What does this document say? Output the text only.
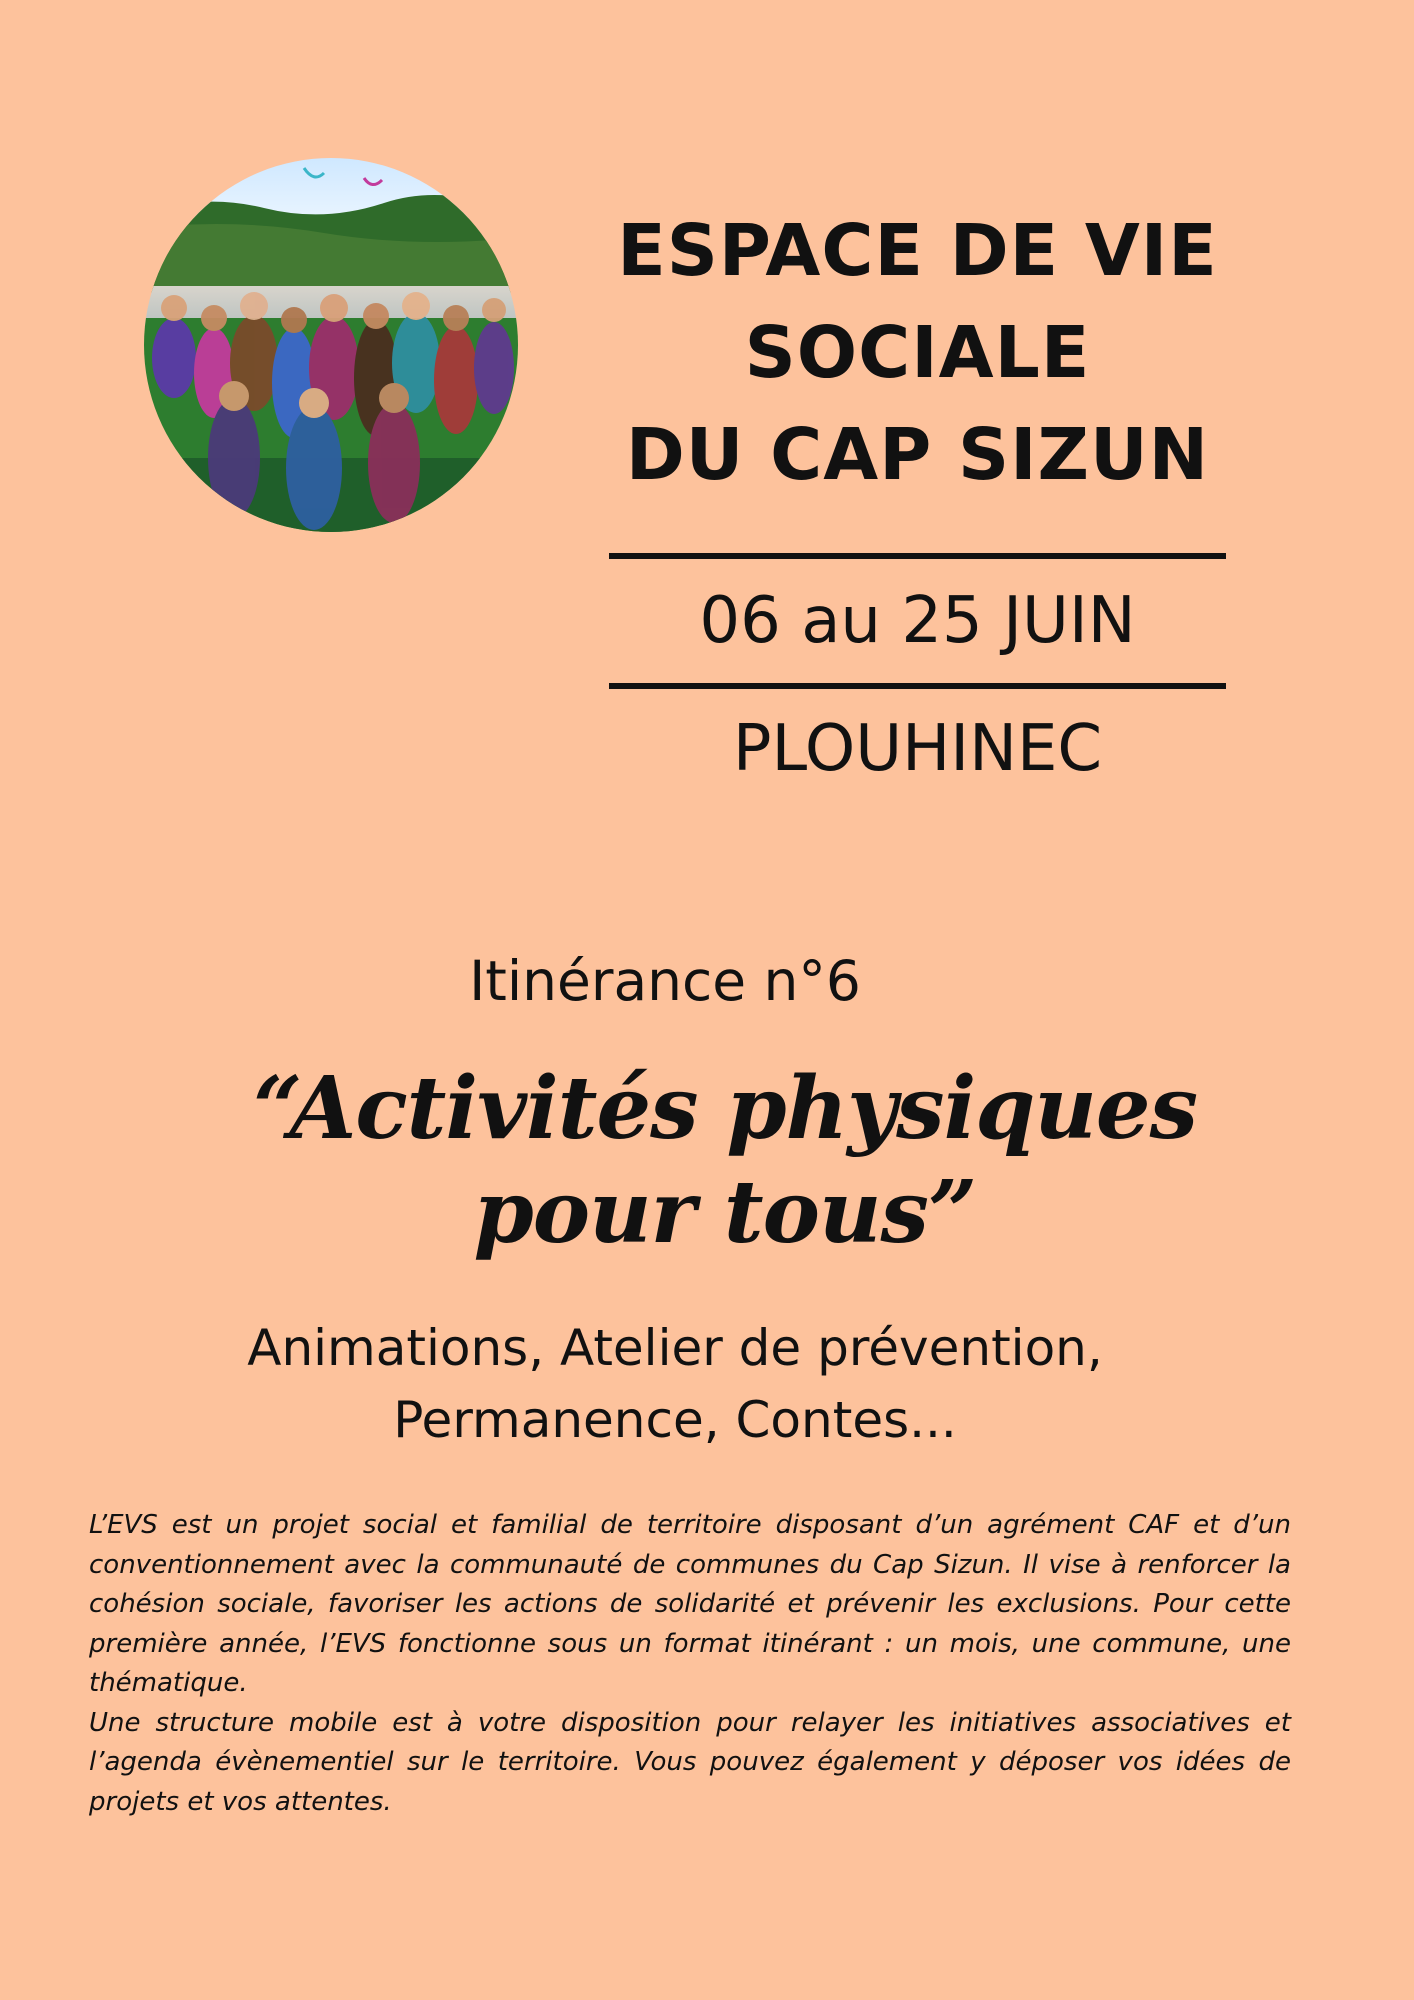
ESPACE DE VIE
SOCIALE
DU CAP SIZUN
06 au 25 JUIN
PLOUHINEC
Itinérance n°6
“Activités physiques pour tous”
Animations, Atelier de prévention,
Permanence, Contes...

L’EVS est un projet social et familial de territoire disposant d’un agrément CAF et d’un conventionnement avec la communauté de communes du Cap Sizun. Il vise à renforcer la cohésion sociale, favoriser les actions de solidarité et prévenir les exclusions. Pour cette première année, l’EVS fonctionne sous un format itinérant : un mois, une commune, une thématique.

Une structure mobile est à votre disposition pour relayer les initiatives associatives et l’agenda évènementiel sur le territoire. Vous pouvez également y déposer vos idées de projets et vos attentes.
